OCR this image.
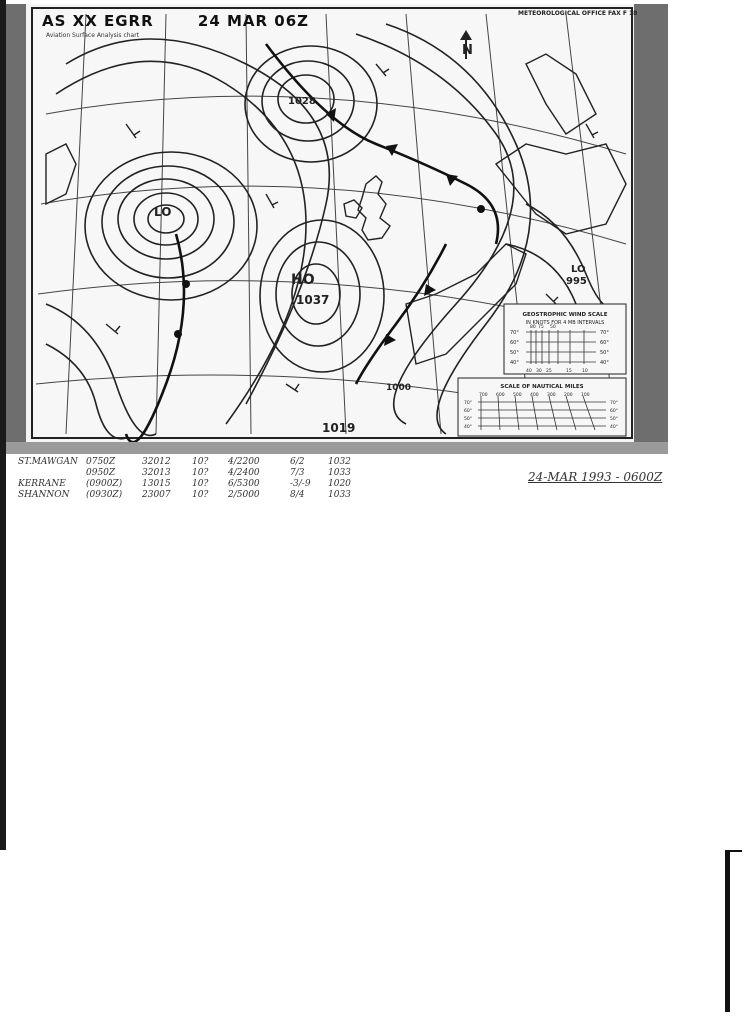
N
LO
HO
1037
1019
1000
1028
995
LO
GEOSTROPHIC WIND SCALE
IN KNOTS FOR 4 MB INTERVALS
70°
60°
50°
40°
70°
60°
50°
40°
80 75 50
40 30 25	15 10
SCALE OF NAUTICAL MILES
700 600 500 400 300 200 100
70°
60°
50°
40°
70°
60°
50°
40°
AS XX EGRR	24 MAR 06Z	METEOROLOGICAL OFFICE FAX F 18
Aviation Surface Analysis chart
ST.MAWGAN	0750Z	32012	10?	4/2200	6/2	1032
	0950Z	32013	10?	4/2400	7/3	1033
KERRANE	(0900Z)	13015	10?	6/5300	-3/-9	1020
SHANNON	(0930Z)	23007	10?	2/5000	8/4	1033
24-MAR 1993 - 0600Z
